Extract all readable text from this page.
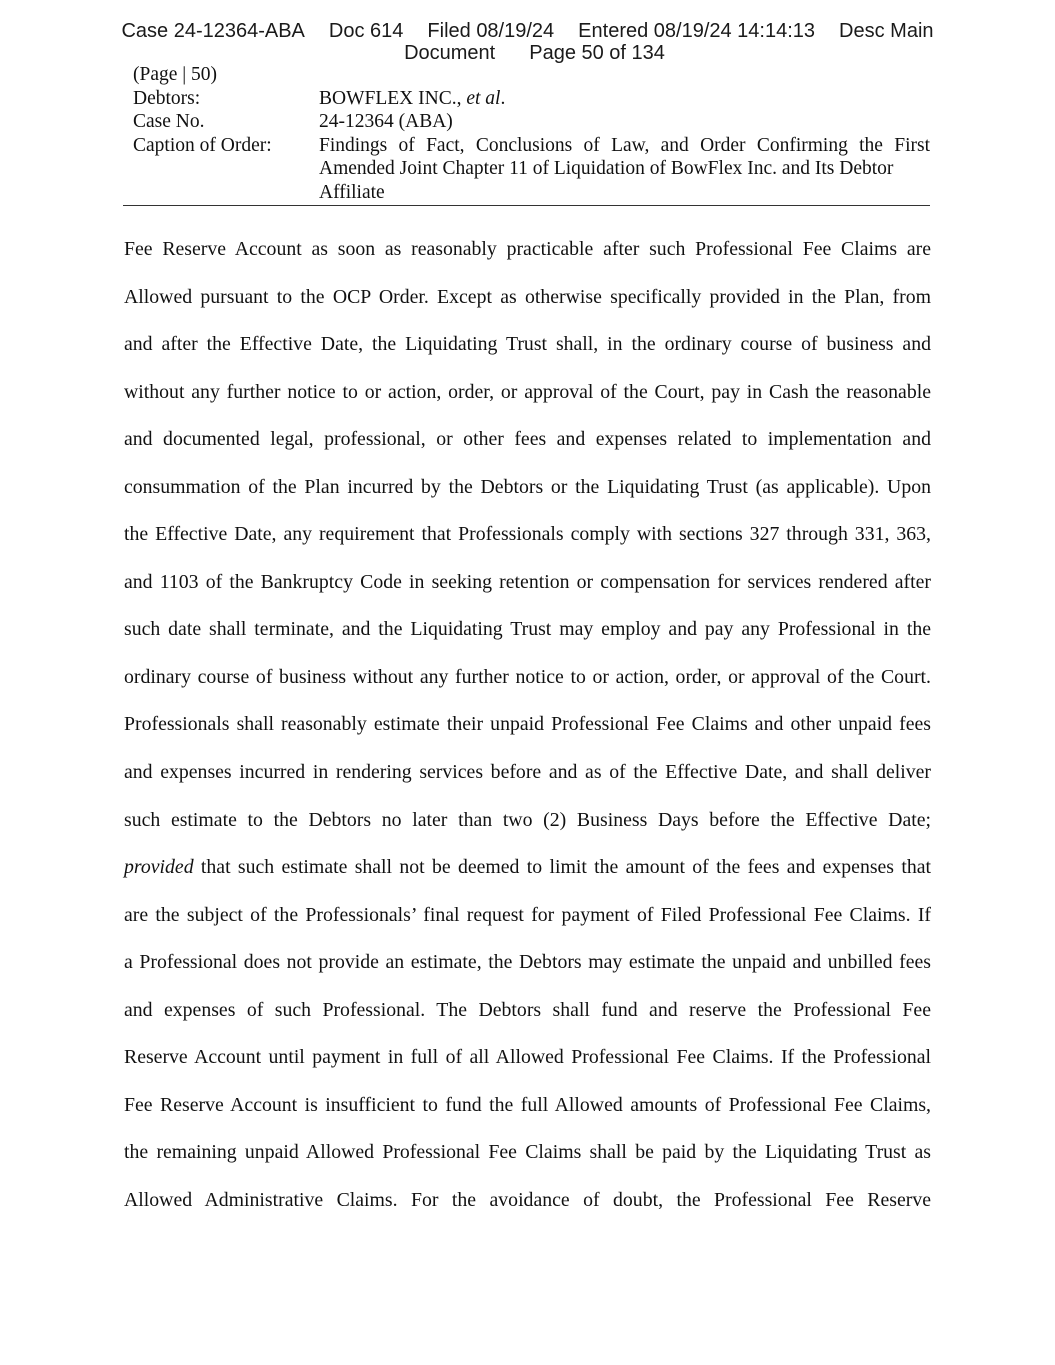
Case 24-12364-ABA Doc 614 Filed 08/19/24 Entered 08/19/24 14:14:13 Desc Main
Document Page 50 of 134
(Page | 50)
Debtors:	BOWFLEX INC., et al.
Case No.	24-12364 (ABA)
Caption of Order:	Findings of Fact, Conclusions of Law, and Order Confirming the First
Amended Joint Chapter 11 of Liquidation of BowFlex Inc. and Its Debtor
Affiliate
Fee Reserve Account as soon as reasonably practicable after such Professional Fee Claims are
Allowed pursuant to the OCP Order. Except as otherwise specifically provided in the Plan, from
and after the Effective Date, the Liquidating Trust shall, in the ordinary course of business and
without any further notice to or action, order, or approval of the Court, pay in Cash the reasonable
and documented legal, professional, or other fees and expenses related to implementation and
consummation of the Plan incurred by the Debtors or the Liquidating Trust (as applicable). Upon
the Effective Date, any requirement that Professionals comply with sections 327 through 331, 363,
and 1103 of the Bankruptcy Code in seeking retention or compensation for services rendered after
such date shall terminate, and the Liquidating Trust may employ and pay any Professional in the
ordinary course of business without any further notice to or action, order, or approval of the Court.
Professionals shall reasonably estimate their unpaid Professional Fee Claims and other unpaid fees
and expenses incurred in rendering services before and as of the Effective Date, and shall deliver
such estimate to the Debtors no later than two (2) Business Days before the Effective Date;
provided that such estimate shall not be deemed to limit the amount of the fees and expenses that
are the subject of the Professionals’ final request for payment of Filed Professional Fee Claims. If
a Professional does not provide an estimate, the Debtors may estimate the unpaid and unbilled fees
and expenses of such Professional. The Debtors shall fund and reserve the Professional Fee
Reserve Account until payment in full of all Allowed Professional Fee Claims. If the Professional
Fee Reserve Account is insufficient to fund the full Allowed amounts of Professional Fee Claims,
the remaining unpaid Allowed Professional Fee Claims shall be paid by the Liquidating Trust as
Allowed Administrative Claims. For the avoidance of doubt, the Professional Fee Reserve
